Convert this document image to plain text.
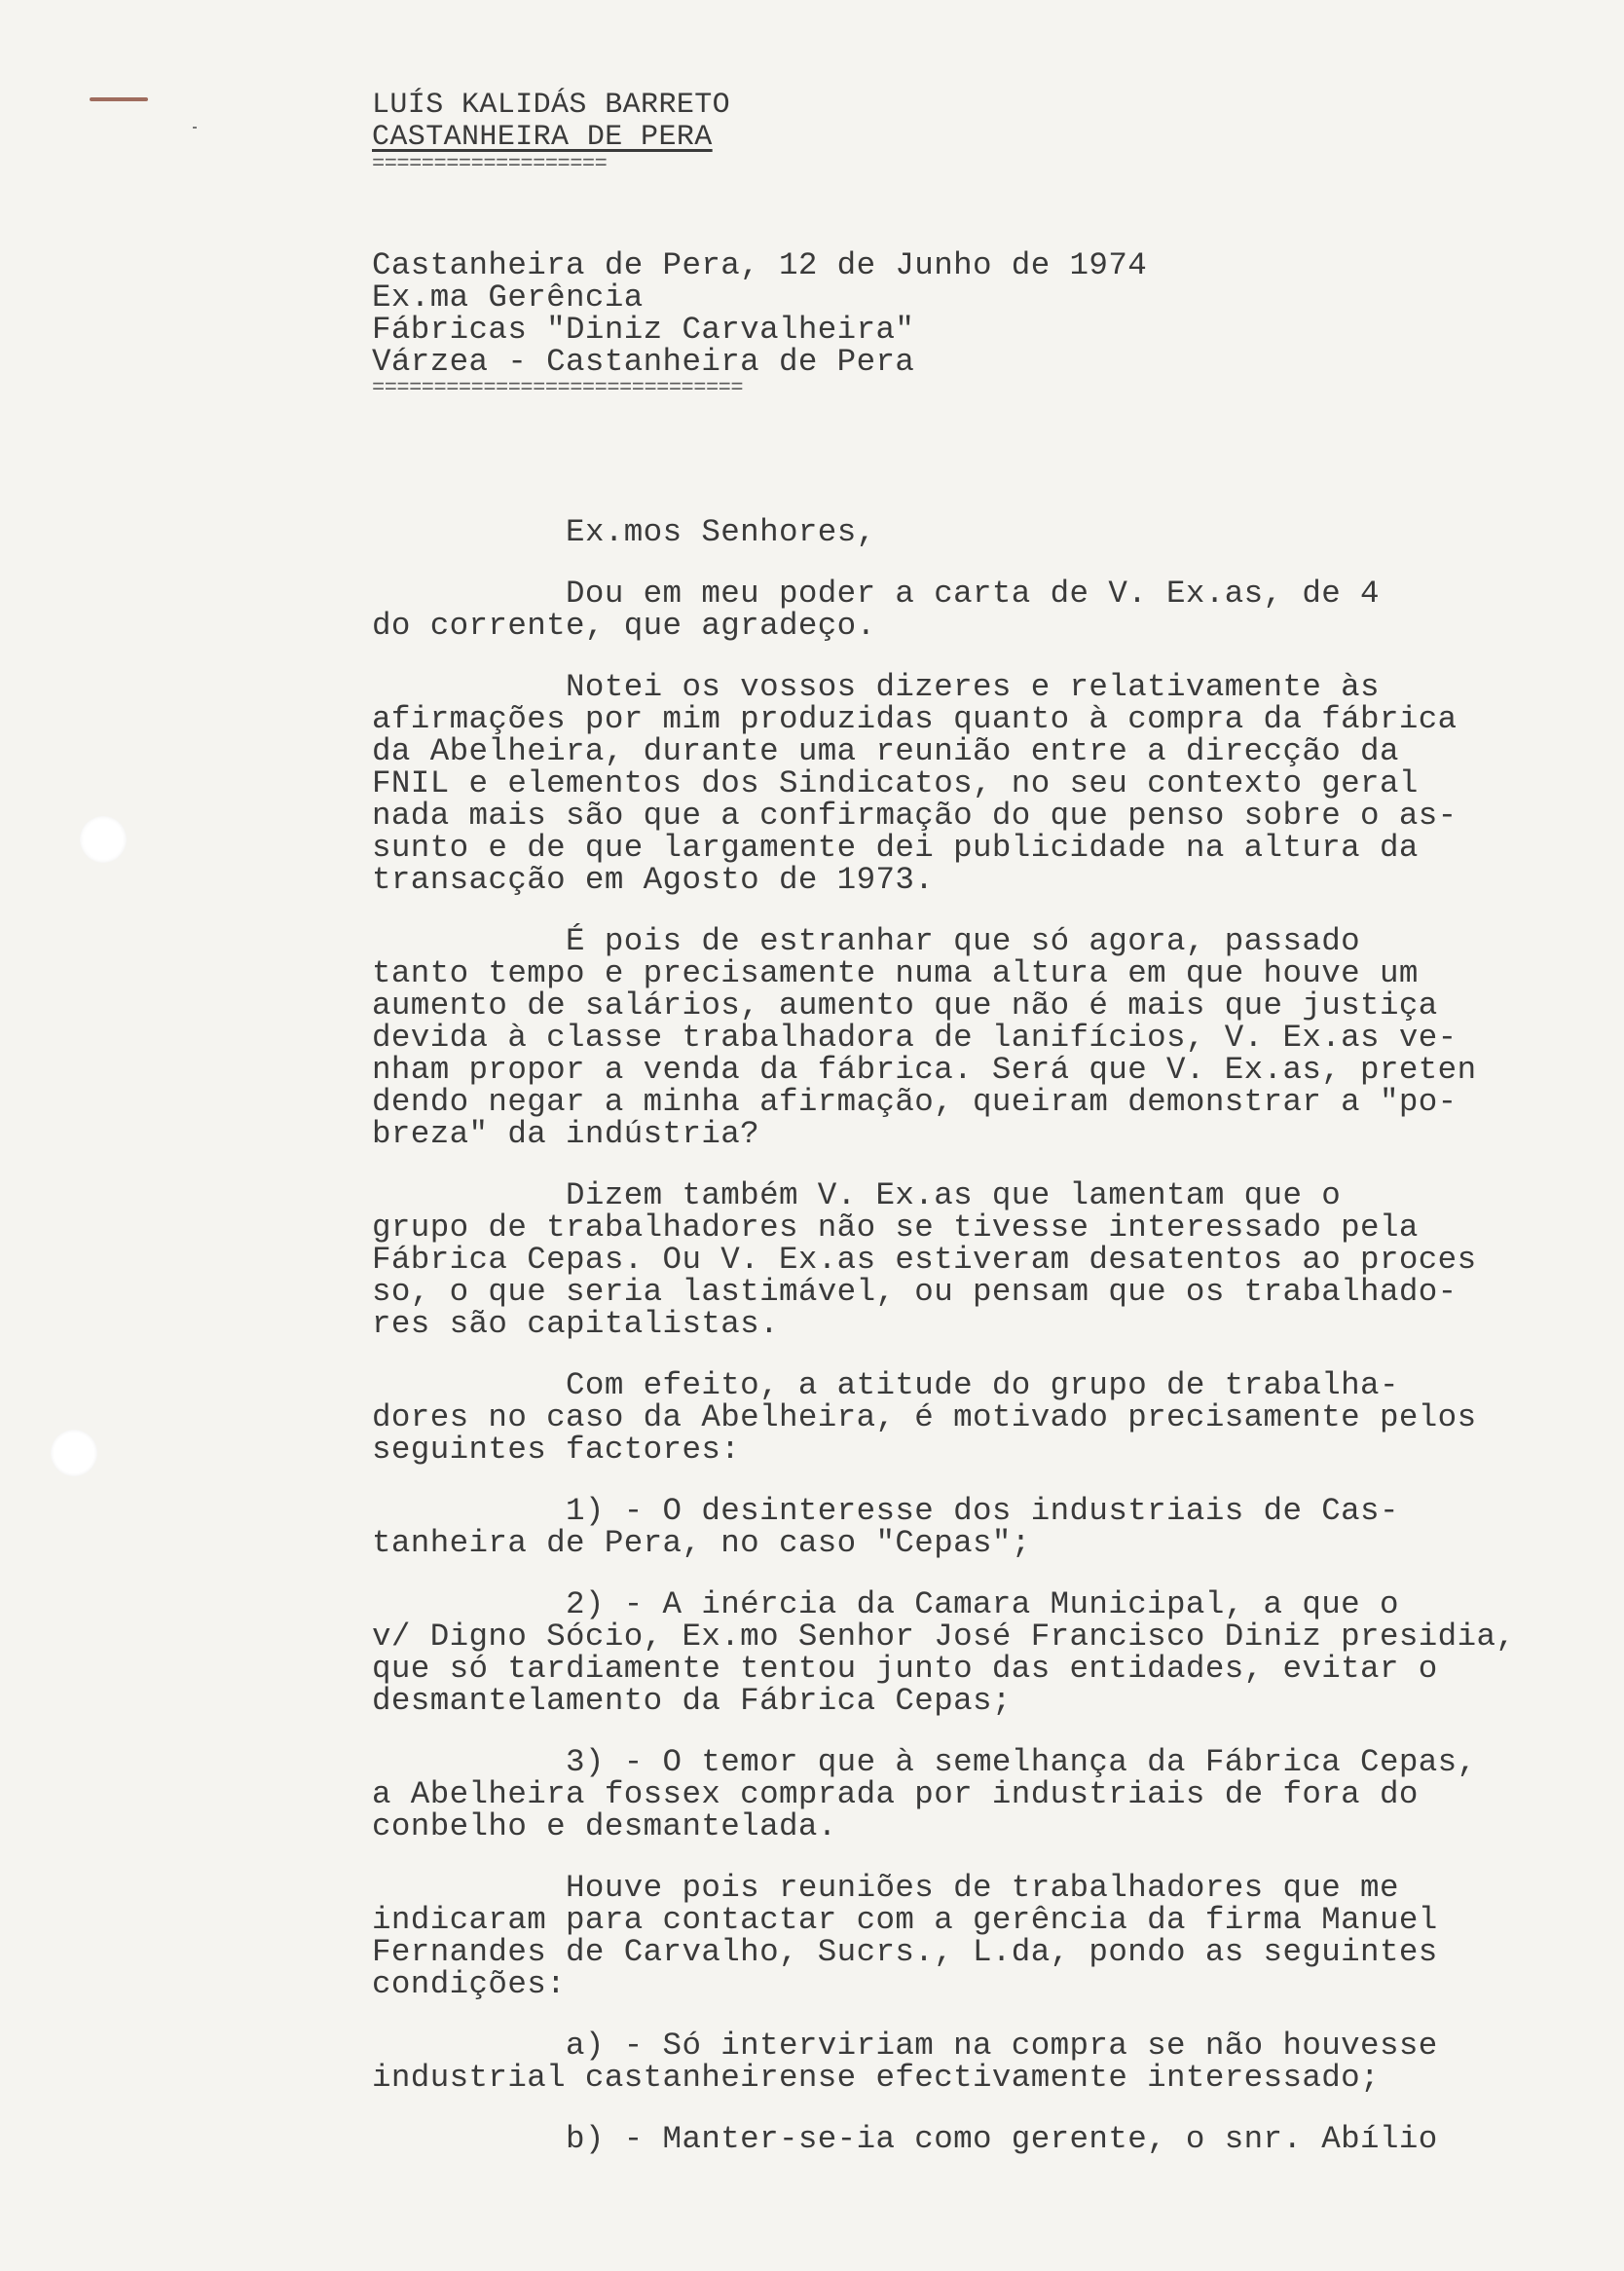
LUÍS KALIDÁS BARRETO
CASTANHEIRA DE PERA
===================
Castanheira de Pera, 12 de Junho de 1974
Ex.ma Gerência
Fábricas "Diniz Carvalheira"
Várzea - Castanheira de Pera
==============================
Ex.mos Senhores,
Dou em meu poder a carta de V. Ex.as, de 4
do corrente, que agradeço.
Notei os vossos dizeres e relativamente às
afirmações por mim produzidas quanto à compra da fábrica
da Abelheira, durante uma reunião entre a direcção da
FNIL e elementos dos Sindicatos, no seu contexto geral
nada mais são que a confirmação do que penso sobre o as-
sunto e de que largamente dei publicidade na altura da
transacção em Agosto de 1973.
É pois de estranhar que só agora, passado
tanto tempo e precisamente numa altura em que houve um
aumento de salários, aumento que não é mais que justiça
devida à classe trabalhadora de lanifícios, V. Ex.as ve-
nham propor a venda da fábrica. Será que V. Ex.as, preten
dendo negar a minha afirmação, queiram demonstrar a "po-
breza" da indústria?
Dizem também V. Ex.as que lamentam que o
grupo de trabalhadores não se tivesse interessado pela
Fábrica Cepas. Ou V. Ex.as estiveram desatentos ao proces
so, o que seria lastimável, ou pensam que os trabalhado-
res são capitalistas.
Com efeito, a atitude do grupo de trabalha-
dores no caso da Abelheira, é motivado precisamente pelos
seguintes factores:
1) - O desinteresse dos industriais de Cas-
tanheira de Pera, no caso "Cepas";
2) - A inércia da Camara Municipal, a que o
v/ Digno Sócio, Ex.mo Senhor José Francisco Diniz presidia,
que só tardiamente tentou junto das entidades, evitar o
desmantelamento da Fábrica Cepas;
3) - O temor que à semelhança da Fábrica Cepas,
a Abelheira fossex comprada por industriais de fora do
conbelho e desmantelada.
Houve pois reuniões de trabalhadores que me
indicaram para contactar com a gerência da firma Manuel
Fernandes de Carvalho, Sucrs., L.da, pondo as seguintes
condições:
a) - Só interviriam na compra se não houvesse
industrial castanheirense efectivamente interessado;
b) - Manter-se-ia como gerente, o snr. Abílio
